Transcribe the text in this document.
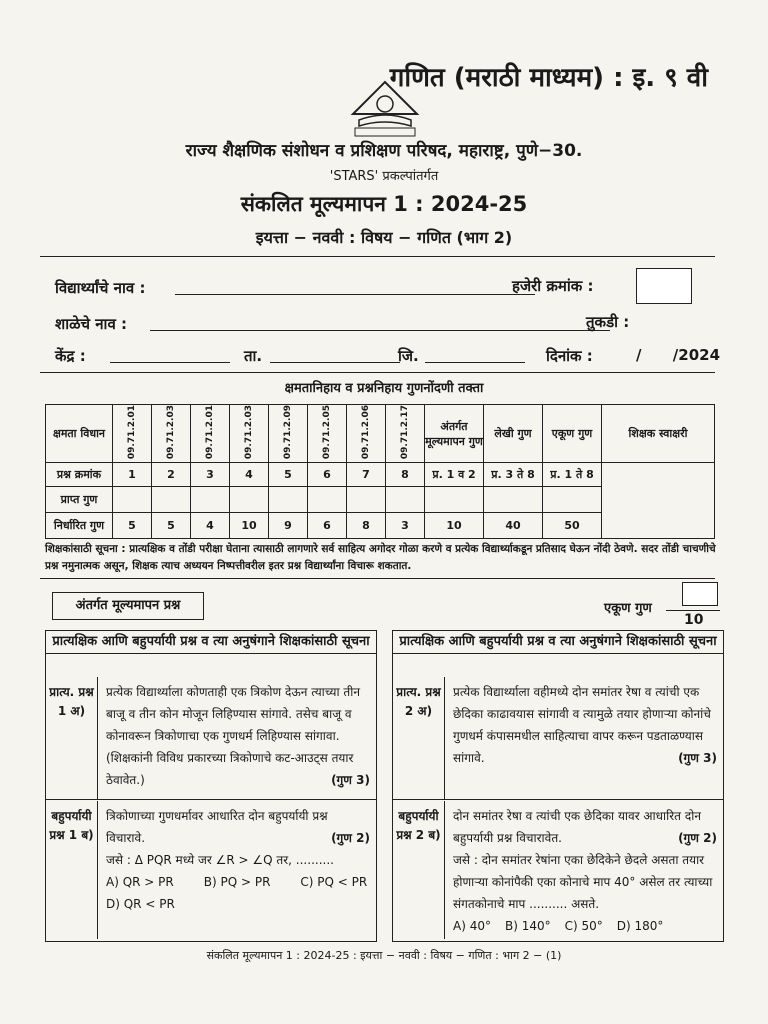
गणित (मराठी माध्यम) : इ. ९ वी
राज्य शैक्षणिक संशोधन व प्रशिक्षण परिषद, महाराष्ट्र, पुणे−30.
'STARS' प्रकल्पांतर्गत
संकलित मूल्यमापन 1 : 2024-25
इयत्ता − नववी : विषय − गणित (भाग 2)
विद्यार्थ्यांचे नाव :	हजेरी क्रमांक :
शाळेचे नाव :	तुकडी :
केंद्र :	ता.	जि.	दिनांक :	/      /2024
क्षमतानिहाय व प्रश्ननिहाय गुणनोंदणी तक्ता
क्षमता विधान	09.71.2.01	09.71.2.03	09.71.2.01	09.71.2.03	09.71.2.09	09.71.2.05	09.71.2.06	09.71.2.17	अंतर्गत मूल्यमापन गुण	लेखी गुण	एकूण गुण	शिक्षक स्वाक्षरी
प्रश्न क्रमांक	1	2	3	4	5	6	7	8	प्र. 1 व 2	प्र. 3 ते 8	प्र. 1 ते 8	
प्राप्त गुण												
निर्धारित गुण	5	5	4	10	9	6	8	3	10	40	50	
शिक्षकांसाठी सूचना : प्रात्यक्षिक व तोंडी परीक्षा घेताना त्यासाठी लागणारे सर्व साहित्य अगोदर गोळा करणे व प्रत्येक विद्यार्थ्याकडून प्रतिसाद घेऊन नोंदी ठेवणे. सदर तोंडी चाचणीचे प्रश्न नमुनात्मक असून, शिक्षक त्याच अध्ययन निष्पत्तीवरील इतर प्रश्न विद्यार्थ्यांना विचारू शकतात.
अंतर्गत मूल्यमापन प्रश्न	एकूण गुण
10
प्रात्यक्षिक आणि बहुपर्यायी प्रश्न व त्या अनुषंगाने शिक्षकांसाठी सूचना
प्रात्य. प्रश्न 1 अ)
प्रत्येक विद्यार्थ्याला कोणताही एक त्रिकोण देऊन त्याच्या तीन बाजू व तीन कोन मोजून लिहिण्यास सांगावे. तसेच बाजू व कोनावरून त्रिकोणाचा एक गुणधर्म लिहिण्यास सांगावा. (शिक्षकांनी विविध प्रकारच्या त्रिकोणाचे कट-आउट्स तयार ठेवावेत.)	(गुण 3)
बहुपर्यायी प्रश्न 1 ब)
त्रिकोणाच्या गुणधर्मावर आधारित दोन बहुपर्यायी प्रश्न विचारावे.	(गुण 2)
जसे : Δ PQR मध्ये जर ∠R > ∠Q तर, ..........
A) QR > PR	B) PQ > PR	C) PQ < PR
D) QR < PR
प्रात्यक्षिक आणि बहुपर्यायी प्रश्न व त्या अनुषंगाने शिक्षकांसाठी सूचना
प्रात्य. प्रश्न 2 अ)
प्रत्येक विद्यार्थ्याला वहीमध्ये दोन समांतर रेषा व त्यांची एक छेदिका काढावयास सांगावी व त्यामुळे तयार होणाऱ्या कोनांचे गुणधर्म कंपासमधील साहित्याचा वापर करून पडताळण्यास सांगावे.	(गुण 3)
बहुपर्यायी प्रश्न 2 ब)
दोन समांतर रेषा व त्यांची एक छेदिका यावर आधारित दोन बहुपर्यायी प्रश्न विचारावेत.	(गुण 2)
जसे : दोन समांतर रेषांना एका छेदिकेने छेदले असता तयार होणाऱ्या कोनांपैकी एका कोनाचे माप 40° असेल तर त्याच्या संगतकोनाचे माप .......... असते.
A) 40° B) 140° C) 50° D) 180°
संकलित मूल्यमापन 1 : 2024-25 : इयत्ता − नववी : विषय − गणित : भाग 2 − (1)
